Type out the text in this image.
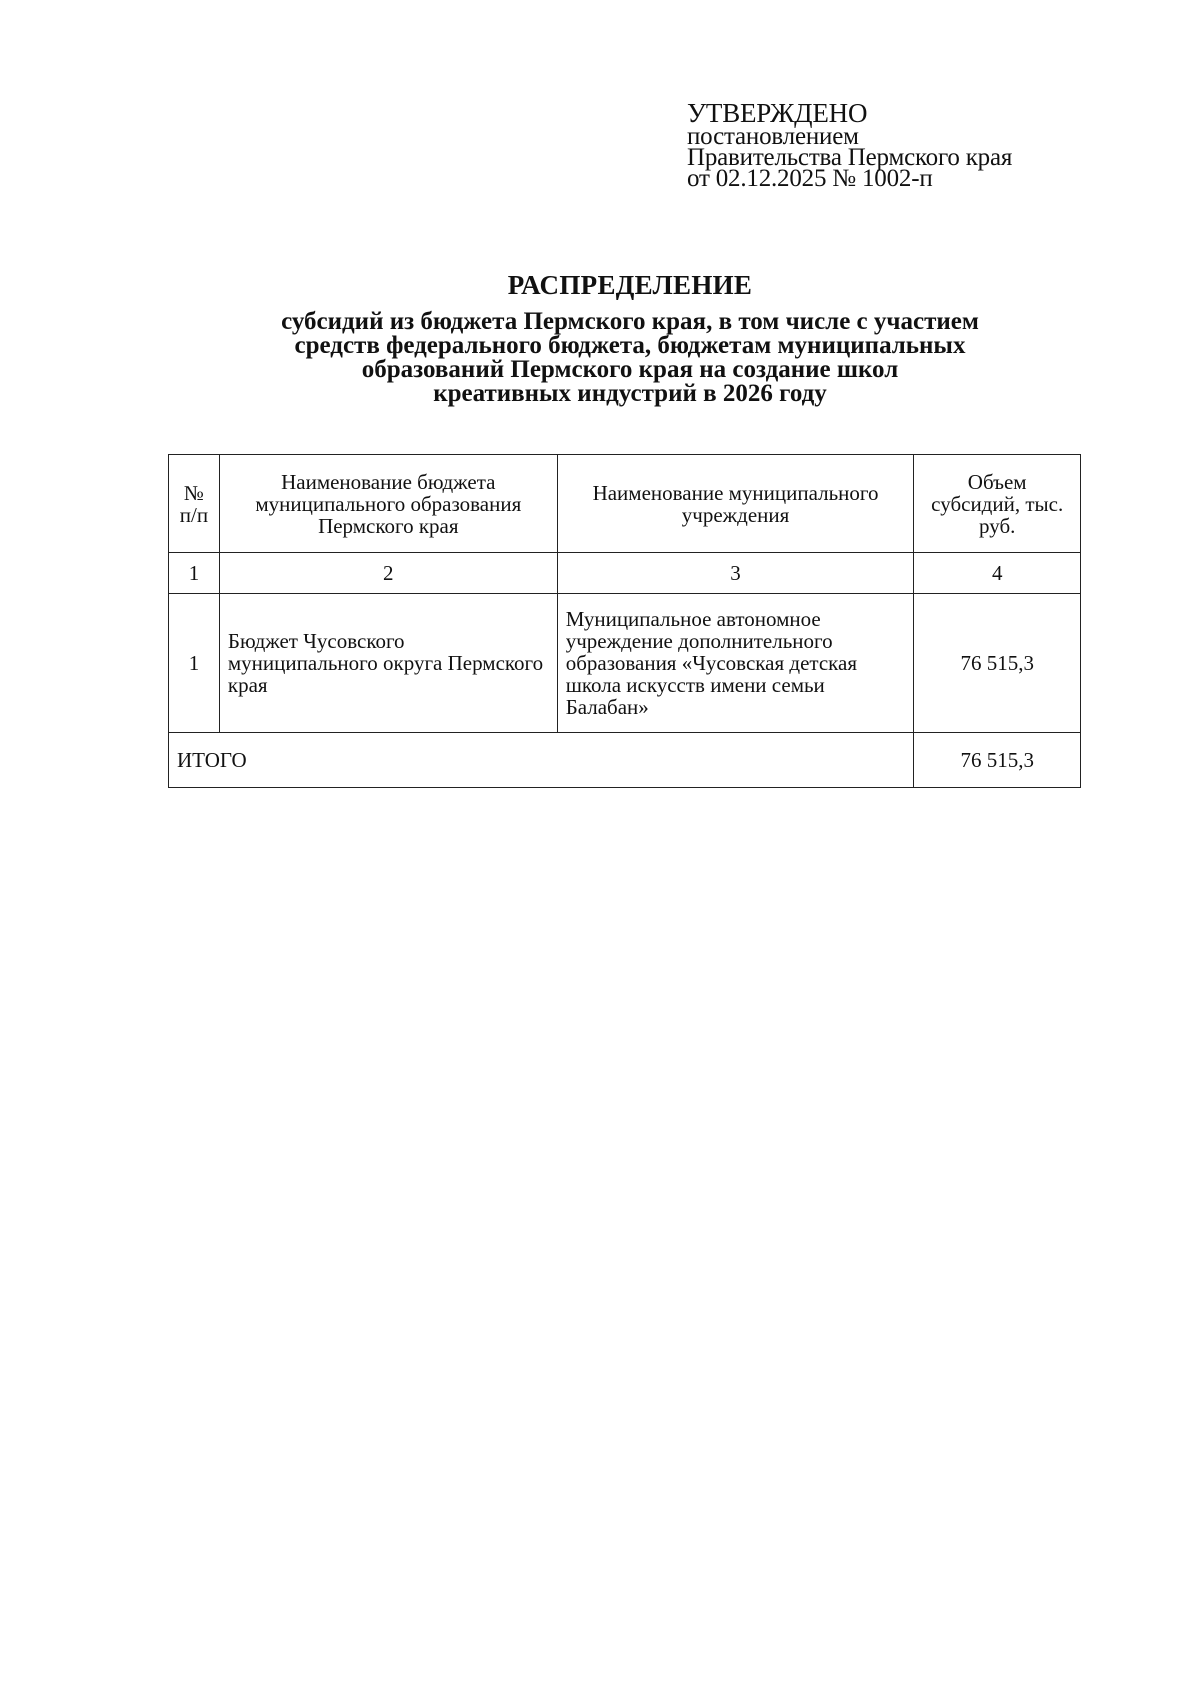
УТВЕРЖДЕНО
постановлением
Правительства Пермского края
от 02.12.2025 № 1002-п
РАСПРЕДЕЛЕНИЕ
субсидий из бюджета Пермского края, в том числе с участием
средств федерального бюджета, бюджетам муниципальных
образований Пермского края на создание школ
креативных индустрий в 2026 году
№ п/п	Наименование бюджета муниципального образования Пермского края	Наименование муниципального учреждения	Объем субсидий, тыс. руб.
1	2	3	4
1	Бюджет Чусовского муниципального округа Пермского края	Муниципальное автономное учреждение дополнительного образования «Чусовская детская школа искусств имени семьи Балабан»	76 515,3
ИТОГО			76 515,3
